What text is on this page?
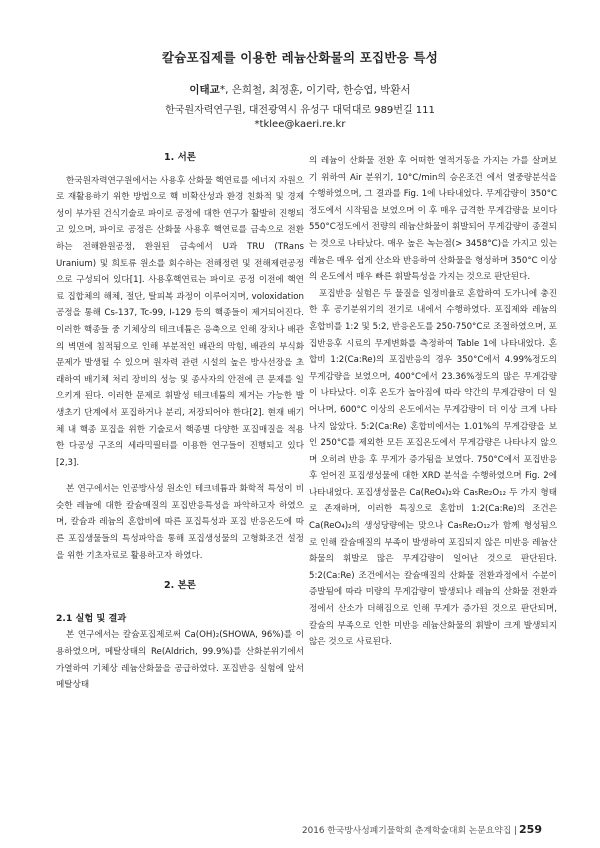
칼슘포집제를 이용한 레늄산화물의 포집반응 특성
이태교*, 은희철, 최정훈, 이기락, 한승엽, 박환서
한국원자력연구원, 대전광역시 유성구 대덕대로 989번길 111
*tklee@kaeri.re.kr
1. 서론

한국원자력연구원에서는 사용후 산화물 핵연료를 에너지 자원으로 재활용하기 위한 방법으로 핵 비확산성과 환경 친화적 및 경제성이 부가된 건식기술로 파이로 공정에 대한 연구가 활발히 진행되고 있으며, 파이로 공정은 산화물 사용후 핵연료를 금속으로 전환하는 전해환원공정, 환원된 금속에서 U과 TRU (TRans Uranium) 및 희토류 원소를 회수하는 전해정련 및 전해제련공정으로 구성되어 있다[1]. 사용후핵연료는 파이로 공정 이전에 핵연료 집합체의 해체, 절단, 탈피복 과정이 이루어지며, voloxidation 공정을 통해 Cs-137, Tc-99, I-129 등의 핵종들이 제거되어진다. 이러한 핵종들 중 기체상의 테크네튬은 응축으로 인해 장치나 배관의 벽면에 침적됨으로 인해 부분적인 배관의 막힘, 배관의 부식화 문제가 발생될 수 있으며 원자력 관련 시설의 높은 방사선장을 초래하여 배기체 처리 장비의 성능 및 종사자의 안전에 큰 문제를 일으키게 된다. 이러한 문제로 휘발성 테크네튬의 제거는 가능한 발생초기 단계에서 포집하거나 분리, 저장되어야 한다[2]. 현재 배기체 내 핵종 포집을 위한 기술로서 핵종별 다양한 포집매질을 적용한 다공성 구조의 세라믹필터를 이용한 연구들이 진행되고 있다[2,3].

본 연구에서는 인공방사성 원소인 테크네튬과 화학적 특성이 비슷한 레늄에 대한 칼슘매질의 포집반응특성을 파악하고자 하였으며, 칼슘과 레늄의 혼합비에 따른 포집특성과 포집 반응온도에 따른 포집생물들의 특성파악을 통해 포집생성물의 고형화조건 설정을 위한 기초자료로 활용하고자 하였다.

2. 본론
2.1 실험 및 결과

본 연구에서는 칼슘포집제로써 Ca(OH)₂(SHOWA, 96%)를 이용하였으며, 메탈상태의 Re(Aldrich, 99.9%)를 산화분위기에서 가열하여 기체상 레늄산화물을 공급하였다. 포집반응 실험에 앞서 메탈상태

의 레늄이 산화물 전환 후 어떠한 열적거동을 가지는 가를 살펴보기 위하여 Air 분위기, 10°C/min의 승온조건 에서 열중량분석을 수행하였으며, 그 결과를 Fig. 1에 나타내었다. 무게감량이 350°C정도에서 시작됨을 보였으며 이 후 매우 급격한 무게감량을 보이다 550°C정도에서 전량의 레늄산화물이 휘발되어 무게감량이 종결되는 것으로 나타났다. 매우 높은 녹는점(> 3458°C)을 가지고 있는 레늄은 매우 쉽게 산소와 반응하여 산화물을 형성하며 350°C 이상의 온도에서 매우 빠른 휘발특성을 가지는 것으로 판단된다.

포집반응 실험은 두 물질을 일정비율로 혼합하여 도가니에 충진한 후 공기분위기의 전기로 내에서 수행하였다. 포집제와 레늄의 혼합비를 1:2 및 5:2, 반응온도를 250-750°C로 조절하였으며, 포집반응후 시료의 무게변화를 측정하여 Table 1에 나타내었다. 혼합비 1:2(Ca:Re)의 포집반응의 경우 350°C에서 4.99%정도의 무게감량을 보였으며, 400°C에서 23.36%정도의 많은 무게감량이 나타났다. 이후 온도가 높아짐에 따라 약간의 무게감량이 더 일어나며, 600°C 이상의 온도에서는 무게감량이 더 이상 크게 나타나지 않았다. 5:2(Ca:Re) 혼합비에서는 1.01%의 무게감량을 보인 250°C를 제외한 모든 포집온도에서 무게감량은 나타나지 않으며 오히려 반응 후 무게가 증가됨을 보였다. 750°C에서 포집반응 후 얻어진 포집생성물에 대한 XRD 분석을 수행하였으며 Fig. 2에 나타내었다. 포집생성물은 Ca(ReO₄)₂와 Ca₅Re₂O₁₂ 두 가지 형태로 존재하며, 이러한 특징으로 혼합비 1:2(Ca:Re)의 조건은 Ca(ReO₄)₂의 생성당량에는 맞으나 Ca₅Re₂O₁₂가 함께 형성됨으로 인해 칼슘매질의 부족이 발생하여 포집되지 않은 미반응 레늄산화물의 휘발로 많은 무게감량이 일어난 것으로 판단된다. 5:2(Ca:Re) 조건에서는 칼슘매질의 산화물 전환과정에서 수분이 증발됨에 따라 미량의 무게감량이 발생되나 레늄의 산화물 전환과정에서 산소가 더해짐으로 인해 무게가 증가된 것으로 판단되며, 칼슘의 부족으로 인한 미반응 레늄산화물의 휘발이 크게 발생되지 않은 것으로 사료된다.

2016 한국방사성폐기물학회 춘계학술대회 논문요약집 | 259
